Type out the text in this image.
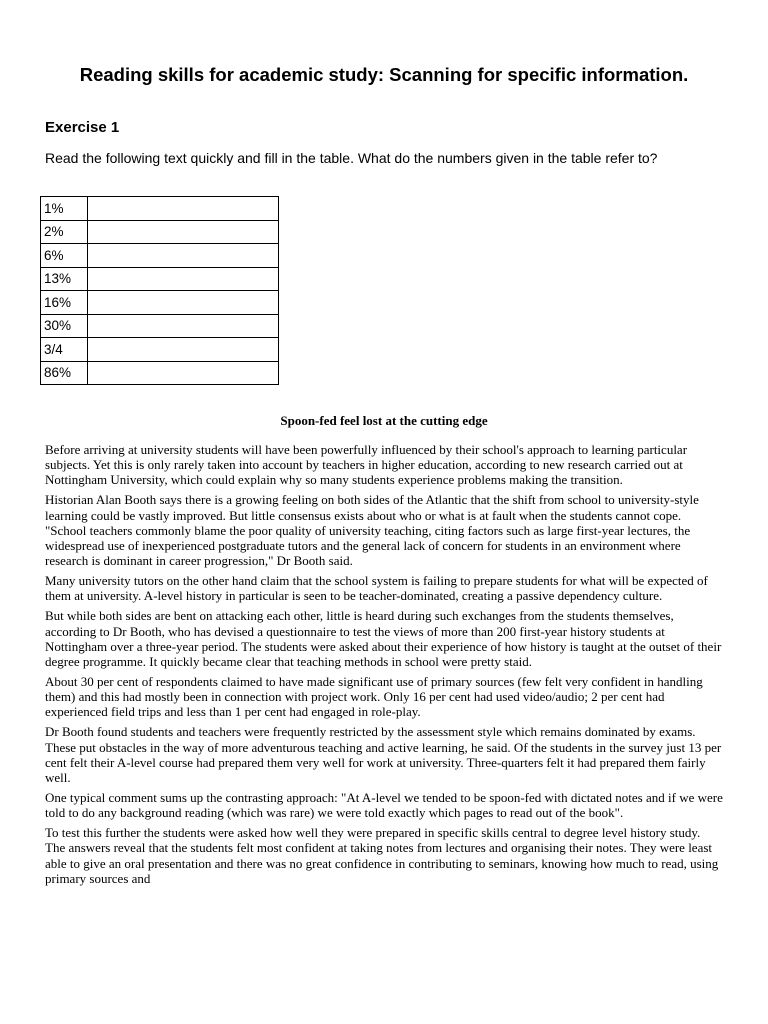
Reading skills for academic study: Scanning for specific information.
Exercise 1
Read the following text quickly and fill in the table. What do the numbers given in the table refer to?
1%	
2%	
6%	
13%	
16%	
30%	
3/4	
86%	
Spoon-fed feel lost at the cutting edge

Before arriving at university students will have been powerfully influenced by their school's approach to learning particular subjects. Yet this is only rarely taken into account by teachers in higher education, according to new research carried out at Nottingham University, which could explain why so many students experience problems making the transition.

Historian Alan Booth says there is a growing feeling on both sides of the Atlantic that the shift from school to university-style learning could be vastly improved. But little consensus exists about who or what is at fault when the students cannot cope. "School teachers commonly blame the poor quality of university teaching, citing factors such as large first-year lectures, the widespread use of inexperienced postgraduate tutors and the general lack of concern for students in an environment where research is dominant in career progression," Dr Booth said.

Many university tutors on the other hand claim that the school system is failing to prepare students for what will be expected of them at university. A-level history in particular is seen to be teacher-dominated, creating a passive dependency culture.

But while both sides are bent on attacking each other, little is heard during such exchanges from the students themselves, according to Dr Booth, who has devised a questionnaire to test the views of more than 200 first-year history students at Nottingham over a three-year period. The students were asked about their experience of how history is taught at the outset of their degree programme. It quickly became clear that teaching methods in school were pretty staid.

About 30 per cent of respondents claimed to have made significant use of primary sources (few felt very confident in handling them) and this had mostly been in connection with project work. Only 16 per cent had used video/audio; 2 per cent had experienced field trips and less than 1 per cent had engaged in role-play.

Dr Booth found students and teachers were frequently restricted by the assessment style which remains dominated by exams. These put obstacles in the way of more adventurous teaching and active learning, he said. Of the students in the survey just 13 per cent felt their A-level course had prepared them very well for work at university. Three-quarters felt it had prepared them fairly well.

One typical comment sums up the contrasting approach: "At A-level we tended to be spoon-fed with dictated notes and if we were told to do any background reading (which was rare) we were told exactly which pages to read out of the book".

To test this further the students were asked how well they were prepared in specific skills central to degree level history study. The answers reveal that the students felt most confident at taking notes from lectures and organising their notes. They were least able to give an oral presentation and there was no great confidence in contributing to seminars, knowing how much to read, using primary sources and
